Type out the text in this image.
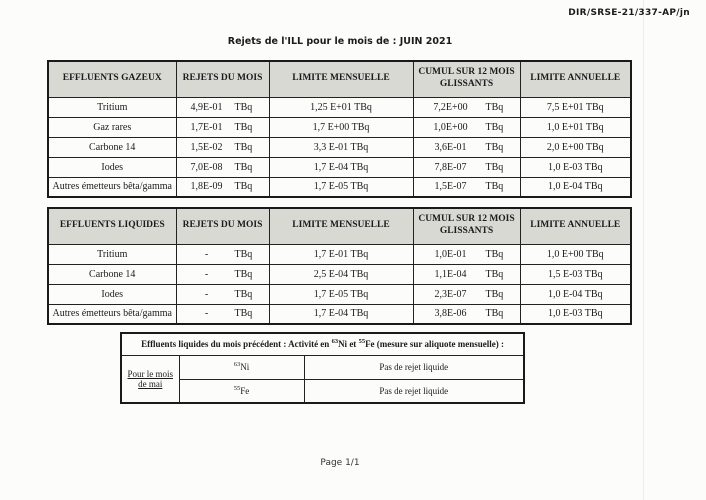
DIR/SRSE-21/337-AP/jn
Rejets de l'ILL pour le mois de : JUIN 2021
EFFLUENTS GAZEUX	REJETS DU MOIS	LIMITE MENSUELLE	CUMUL SUR 12 MOIS GLISSANTS	LIMITE ANNUELLE
Tritium	4,9E-01 TBq	1,25 E+01 TBq	7,2E+00 TBq	7,5 E+01 TBq
Gaz rares	1,7E-01 TBq	1,7 E+00 TBq	1,0E+00 TBq	1,0 E+01 TBq
Carbone 14	1,5E-02 TBq	3,3 E-01 TBq	3,6E-01 TBq	2,0 E+00 TBq
Iodes	7,0E-08 TBq	1,7 E-04 TBq	7,8E-07 TBq	1,0 E-03 TBq
Autres émetteurs bêta/gamma	1,8E-09 TBq	1,7 E-05 TBq	1,5E-07 TBq	1,0 E-04 TBq
EFFLUENTS LIQUIDES	REJETS DU MOIS	LIMITE MENSUELLE	CUMUL SUR 12 MOIS GLISSANTS	LIMITE ANNUELLE
Tritium	- TBq	1,7 E-01 TBq	1,0E-01 TBq	1,0 E+00 TBq
Carbone 14	- TBq	2,5 E-04 TBq	1,1E-04 TBq	1,5 E-03 TBq
Iodes	- TBq	1,7 E-05 TBq	2,3E-07 TBq	1,0 E-04 TBq
Autres émetteurs bêta/gamma	- TBq	1,7 E-04 TBq	3,8E-06 TBq	1,0 E-03 TBq
Effluents liquides du mois précédent : Activité en $^{63}$Ni et $^{55}$Fe (mesure sur aliquote mensuelle) :		
Pour le mois de mai	$^{63}$Ni	Pas de rejet liquide
	$^{55}$Fe	Pas de rejet liquide
Page 1/1
